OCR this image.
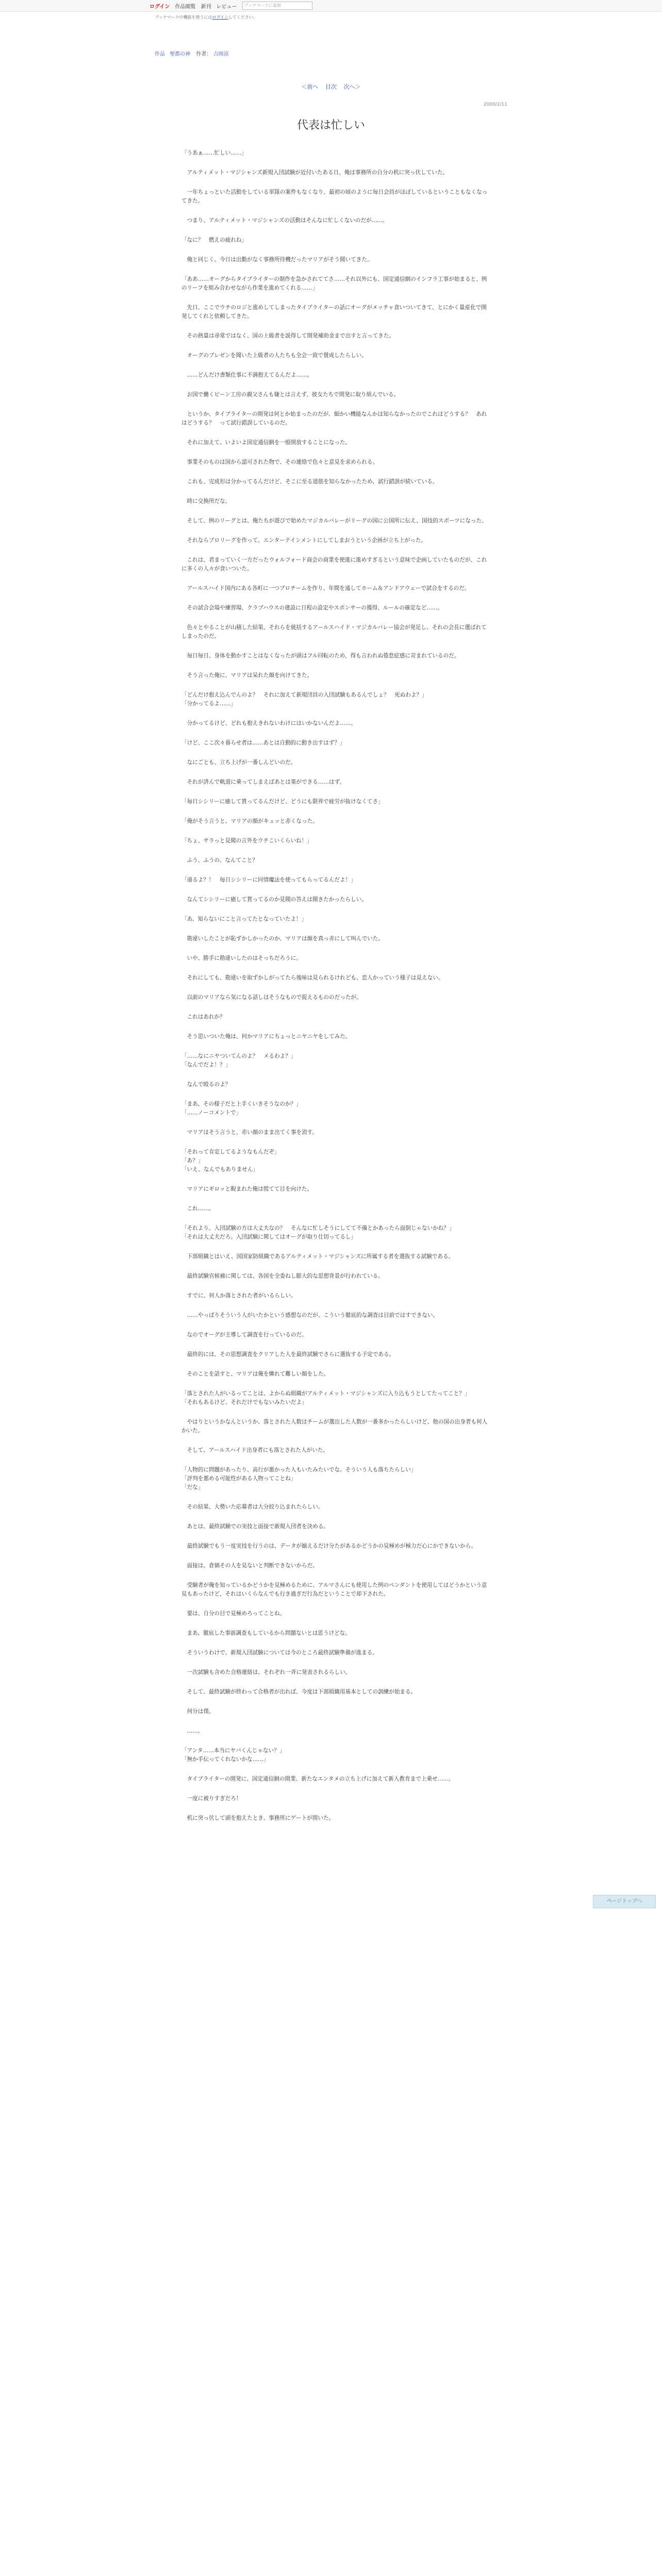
ログイン 作品閲覧 新刊 レビュー	ブックマークに追加
ブックマークの機能を使うにはログインしてください。
作品 聖都の神 作者： 吉岡涼
＜前へ 目次 次へ＞
2000/2/11
代表は忙しい

「うあぁ……忙しい……」

　アルティメット・マジシャンズ新規入団試験が近付いたある日、俺は事務所の自分の机に突っ伏していた。

　一年ちょっといた活動をしている軍隊の案件もなくなり、最初の頃のように毎日会員がほぼしているということもなくなってきた。

　つまり、アルティメット・マジシャンズの活動はそんなに忙しくないのだが……。

「なに？　燃えの疲れね」

　俺と同じく、今日は出勤がなく事務所待機だったマリアがそう聞いてきた。

「ああ……オーグからタイプライターの制作を急かされててさ……それ以外にも、国定通信網のインフラ工事が始まると、例のリーフを組み合わせながら作業を進めてくれる……」

　先日、ここでウチのロジと進めしてしまったタイプライターの話にオーグがメッチャ食いついてきて、とにかく量産化で開発してくれと依頼してきた。

　その熱量は尋常ではなく、国の上級者を説得して開発補助金まで出すと言ってきた。

　オーグのプレゼンを聞いた上級者の人たちも全会一致で賛成したらしい。

　……どんだけ書類仕事に不満抱えてるんだよ……。

　お国で働くビーン工房の親父さんも嫌とは言えず、彼女たちで開発に取り組んでいる。

　というか、タイプライターの開発は何とか始まったのだが、細かい機能なんかは知らなかったのでこれはどうする？　あれはどうする？　って試行錯誤しているのだ。

　それに加えて、いよいよ国定通信網を一般開放することになった。

　事業そのものは国から認可された物で、その連絡で色々と意見を求められる。

　これも、完成形は分かってるんだけど、そこに至る道筋を知らなかったため、試行錯誤が続いている。

　時に交換所だな。

　そして、例のリーグとは、俺たちが遊びで始めたマジカルバレーがリーグの国に公国所に伝え、国技的スポーツになった。

　それならプロリーグを作って、エンターテインメントにしてしまおうという企画が立ち上がった。

　これは、君まっていく一方だったウォルフォード商会の商業を使進に進めすぎるという意味で企画していたものだが、これに多くの人々が食いついた。

　アールスハイド国内にある各町に一つプロチームを作り、年間を通してホーム＆アンドアウェーで試合をするのだ。

　その試合会場や練習場、クラブハウスの建設に日程の設定やスポンサーの獲得、ルールの確定など……。

　色々とやることが山積した結果、それらを統括するアールスハイド・マジカルバレー協会が発足し、それの会長に選ばれてしまったのだ。

　毎日毎日、身体を動かすことはなくなったが頭はフル回転のため、得も言われぬ倦怠症感に苛まれているのだ。

　そう言った俺に、マリアは呆れた顔を向けてきた。

「どんだけ抱え込んでんのよ？　それに加えて新規団員の入団試験もあるんでしょ？　死ぬわよ？」
「分かってるよ……」

　分かってるけど、どれも抱えきれないわけにはいかないんだよ……。

「けど、ここ次々暮らせ者は……あとは自動的に動き出すはず？」

　なにごとも、立ち上げが一番しんどいのだ。

　それが済んで軌道に乗ってしまえばあとは楽ができる……はず。

「毎日シシリーに癒して貰ってるんだけど、どうにも限界で疲労が抜けなくてさ」

「俺がそう言うと、マリアの顔がキュッと赤くなった。

「ちょ、サラっと見聞の言外をウチこいくらいね！」

　ふう、ふうの、なんてこと？

「遠るよ？！　毎日シシリーに同情魔法を使ってもらってるんだよ！」

　なんてシシリーに癒して貰ってるのか見聞の答えは聞きたかったらしい。

「あ、知らないにこと言ってたとなっていたよ！」

　勘違いしたことが恥ずかしかったのか、マリアは顔を真っ赤にして叫んでいた。

　いや、勝手に勘違いしたのはそっちだろうに。

　それにしても、勘違いを取ずかしがってたら後味は見られるけれども、恋人かっていう様子は見えない。

　以前のマリアなら気になる話しはそうなもので捉えるもののだったが。

　これはあれか？

　そう思いついた俺は、何かマリアにちょっとニヤニヤをしてみた。

「……なにニヤついてんのよ？　メるわよ？」
「なんでだよ！？」

　なんで殴るのよ？

「まあ、その様子だと上手くいきそうなのか？」
「……ノーコメントで」

　マリアはそう言うと、赤い顔のまま出てく事を消す。

「それって肯定してるようなもんだぞ」
「あ？」
「いえ、なんでもありません」

　マリアにギロッと睨まれた俺は慌てて目を向けた。

　これ……。

「それより、入団試験の方は大丈夫なの？　そんなに忙しそうにしてて不備とかあったら面倒じゃないかね？」
「それは大丈夫だろ。入団試験に関してはオーグが取り仕切ってるし」

　下部組織とはいえ、国国家防組織であるアルティメット・マジシャンズに所属する者を選抜する試験である。

　最終試験官候補に関しては、各国を全委ねし膨大的な思想背景が行われている。

　すでに、何人か落とされた者がいるらしい。

　……やっぱりそういう人がいたかという感想なのだが、こういう徹底的な調査は目前ではすできない。

　なのでオーグが主導して調査を行っているのだ。

　最終的には、その思想調査をクリアした人を最終試験でさらに選抜する予定である。

　そのことを話すと、マリアは俺を憐れて難しい顔をした。

「落とされた人がいるってことは、よからぬ組織がアルティメット・マジシャンズに入り込もうとしてたってこと？」
「それもあるけど、それだけでもないみたいだよ」

　やはりというかなんというか、落とされた人数はチームが選出した人数が一番多かったらしいけど、他の国の出身者も何人かいた。

　そして、アールスハイド出身者にも落とされた人がいた。

「人物的に問題があったり、高行が悪かった人もいたみたいでな。そういう人も落ちたらしい」
「評判を悪める可能性がある人物ってことね」
「だな」

　その結果、大勢いた応募者は大分絞り込まれたらしい。

　あとは、最終試験での実技と面接で新規入団者を決める。

　最終試験でもう一度実技を行うのは、データが揃えるだけ分たがあるかどうかの見極めが極力だ心にかできないから。

　面接は、倉価その人を見ないと判断できないからだ。

　受験者が俺を知っているかどうかを見極めるために、アルマさんにも使用した例のペンダントを使用してはどうかという意見もあったけど、それはいくらなんでも行き過ぎだ行為だということで却下された。

　要は、自分の目で見極めろってことね。

　まあ、徹底した事前調査もしているから問題ないとは思うけどな。

　そういうわけで、新規入団試験については今のところ最終試験準備が進まる。

　一次試験も含めた合格連絡は、それぞれ一斉に発表されるらしい。

　そして、最終試験が終わって合格者が出れば、今度は下部組織用基本としての訓練が始まる。

　何分は僕。

　……。

「アンタ……本当にヤバくんじゃない？」
「無か手伝ってくれないかな……」

　タイプライターの開発に、国定通信網の開業、新たなエンタメの立ち上げに加えて新人教育まで上乗せ……。

　一度に被りすぎだろ！

　机に突っ伏して頭を抱えたとき、事務所にゲートが開いた。

ページトップへ
